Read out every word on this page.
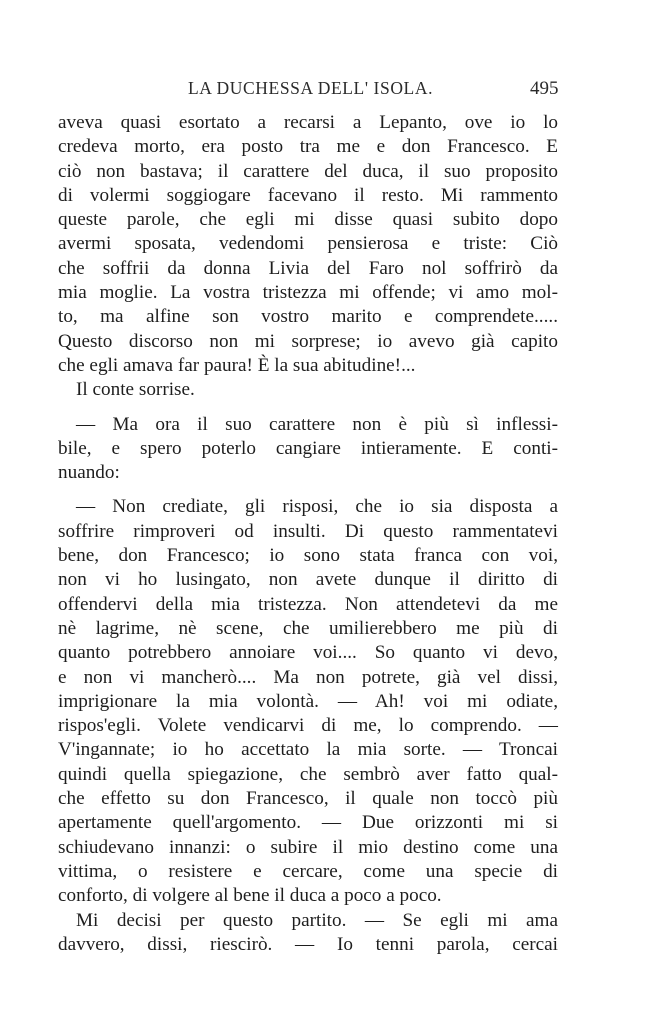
LA DUCHESSA DELL' ISOLA.	495
aveva quasi esortato a recarsi a Lepanto, ove io lo
credeva morto, era posto tra me e don Francesco. E
ciò non bastava; il carattere del duca, il suo proposito
di volermi soggiogare facevano il resto. Mi rammento
queste parole, che egli mi disse quasi subito dopo
avermi sposata, vedendomi pensierosa e triste: Ciò
che soffrii da donna Livia del Faro nol soffrirò da
mia moglie. La vostra tristezza mi offende; vi amo mol-
to, ma alfine son vostro marito e comprendete.....
Questo discorso non mi sorprese; io avevo già capito
che egli amava far paura! È la sua abitudine!...
Il conte sorrise.
— Ma ora il suo carattere non è più sì inflessi-
bile, e spero poterlo cangiare intieramente. E conti-
nuando:
— Non crediate, gli risposi, che io sia disposta a
soffrire rimproveri od insulti. Di questo rammentatevi
bene, don Francesco; io sono stata franca con voi,
non vi ho lusingato, non avete dunque il diritto di
offendervi della mia tristezza. Non attendetevi da me
nè lagrime, nè scene, che umilierebbero me più di
quanto potrebbero annoiare voi.... So quanto vi devo,
e non vi mancherò.... Ma non potrete, già vel dissi,
imprigionare la mia volontà. — Ah! voi mi odiate,
rispos'egli. Volete vendicarvi di me, lo comprendo. —
V'ingannate; io ho accettato la mia sorte. — Troncai
quindi quella spiegazione, che sembrò aver fatto qual-
che effetto su don Francesco, il quale non toccò più
apertamente quell'argomento. — Due orizzonti mi si
schiudevano innanzi: o subire il mio destino come una
vittima, o resistere e cercare, come una specie di
conforto, di volgere al bene il duca a poco a poco.
Mi decisi per questo partito. — Se egli mi ama
davvero, dissi, riescirò. — Io tenni parola, cercai
